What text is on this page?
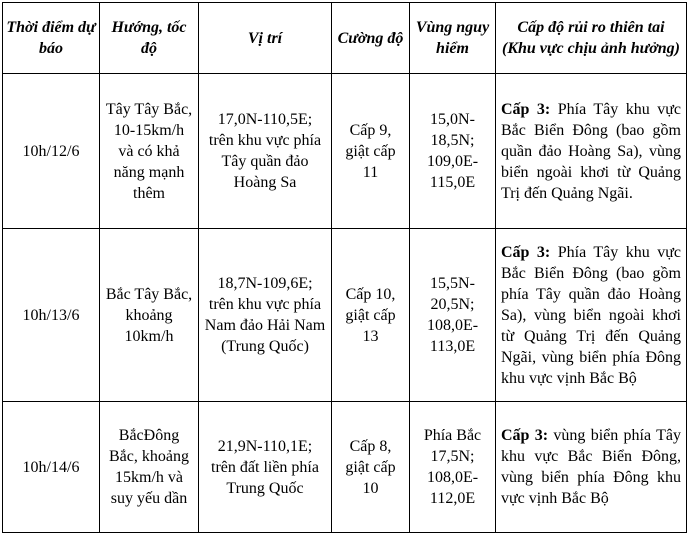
Thời điểm dự báo	Hướng, tốc độ	Vị trí	Cường độ	Vùng nguy hiểm	Cấp độ rủi ro thiên tai (Khu vực chịu ảnh hưởng)
10h/12/6	Tây Tây Bắc, 10-15km/h và có khả năng mạnh thêm	17,0N-110,5E; trên khu vực phía Tây quần đảo Hoàng Sa	Cấp 9, giật cấp 11	15,0N-18,5N; 109,0E-115,0E	Cấp 3: Phía Tây khu vực Bắc Biển Đông (bao gồm quần đảo Hoàng Sa), vùng biển ngoài khơi từ Quảng Trị đến Quảng Ngãi.
10h/13/6	Bắc Tây Bắc, khoảng 10km/h	18,7N-109,6E; trên khu vực phía Nam đảo Hải Nam (Trung Quốc)	Cấp 10, giật cấp 13	15,5N-20,5N; 108,0E-113,0E	Cấp 3: Phía Tây khu vực Bắc Biển Đông (bao gồm phía Tây quần đảo Hoàng Sa), vùng biển ngoài khơi từ Quảng Trị đến Quảng Ngãi, vùng biển phía Đông khu vực vịnh Bắc Bộ
10h/14/6	BắcĐông Bắc, khoảng 15km/h và suy yếu dần	21,9N-110,1E; trên đất liền phía Trung Quốc	Cấp 8, giật cấp 10	Phía Bắc 17,5N; 108,0E-112,0E	Cấp 3: vùng biển phía Tây khu vực Bắc Biển Đông, vùng biển phía Đông khu vực vịnh Bắc Bộ
